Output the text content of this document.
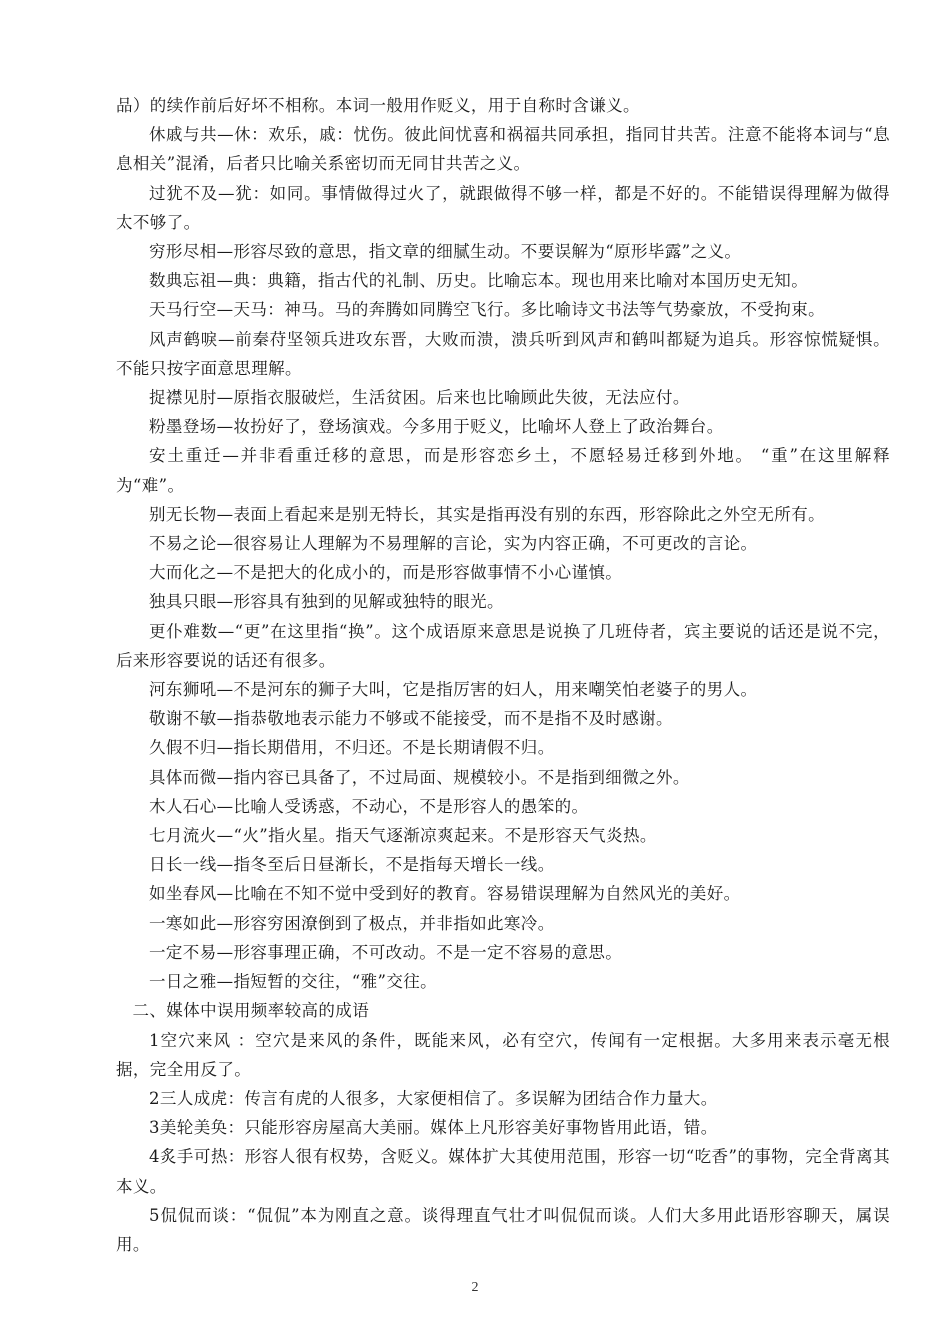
品）的续作前后好坏不相称。本词一般用作贬义，用于自称时含谦义。

休戚与共—休：欢乐，戚：忧伤。彼此间忧喜和祸福共同承担，指同甘共苦。注意不能将本词与“息息相关”混淆，后者只比喻关系密切而无同甘共苦之义。

过犹不及—犹：如同。事情做得过火了，就跟做得不够一样，都是不好的。不能错误得理解为做得太不够了。

穷形尽相—形容尽致的意思，指文章的细腻生动。不要误解为“原形毕露”之义。

数典忘祖—典：典籍，指古代的礼制、历史。比喻忘本。现也用来比喻对本国历史无知。

天马行空—天马：神马。马的奔腾如同腾空飞行。多比喻诗文书法等气势豪放，不受拘束。

风声鹤唳—前秦苻坚领兵进攻东晋，大败而溃，溃兵听到风声和鹤叫都疑为追兵。形容惊慌疑惧。不能只按字面意思理解。

捉襟见肘—原指衣服破烂，生活贫困。后来也比喻顾此失彼，无法应付。

粉墨登场—妆扮好了，登场演戏。今多用于贬义，比喻坏人登上了政治舞台。

安土重迁—并非看重迁移的意思，而是形容恋乡土，不愿轻易迁移到外地。 “重”在这里解释为“难”。

别无长物—表面上看起来是别无特长，其实是指再没有别的东西，形容除此之外空无所有。

不易之论—很容易让人理解为不易理解的言论，实为内容正确，不可更改的言论。

大而化之—不是把大的化成小的，而是形容做事情不小心谨慎。

独具只眼—形容具有独到的见解或独特的眼光。

更仆难数—“更”在这里指“换”。这个成语原来意思是说换了几班侍者，宾主要说的话还是说不完，后来形容要说的话还有很多。

河东狮吼—不是河东的狮子大叫，它是指厉害的妇人，用来嘲笑怕老婆子的男人。

敬谢不敏—指恭敬地表示能力不够或不能接受，而不是指不及时感谢。

久假不归—指长期借用，不归还。不是长期请假不归。

具体而微—指内容已具备了，不过局面、规模较小。不是指到细微之外。

木人石心—比喻人受诱惑，不动心，不是形容人的愚笨的。

七月流火—“火”指火星。指天气逐渐凉爽起来。不是形容天气炎热。

日长一线—指冬至后日昼渐长，不是指每天增长一线。

如坐春风—比喻在不知不觉中受到好的教育。容易错误理解为自然风光的美好。

一寒如此—形容穷困潦倒到了极点，并非指如此寒冷。

一定不易—形容事理正确，不可改动。不是一定不容易的意思。

一日之雅—指短暂的交往，“雅”交往。

二、媒体中误用频率较高的成语

1空穴来风 ：空穴是来风的条件，既能来风，必有空穴，传闻有一定根据。大多用来表示毫无根据，完全用反了。

2三人成虎：传言有虎的人很多，大家便相信了。多误解为团结合作力量大。

3美轮美奂：只能形容房屋高大美丽。媒体上凡形容美好事物皆用此语，错。

4炙手可热：形容人很有权势，含贬义。媒体扩大其使用范围，形容一切“吃香”的事物，完全背离其本义。

5侃侃而谈：“侃侃”本为刚直之意。谈得理直气壮才叫侃侃而谈。人们大多用此语形容聊天，属误用。

2
